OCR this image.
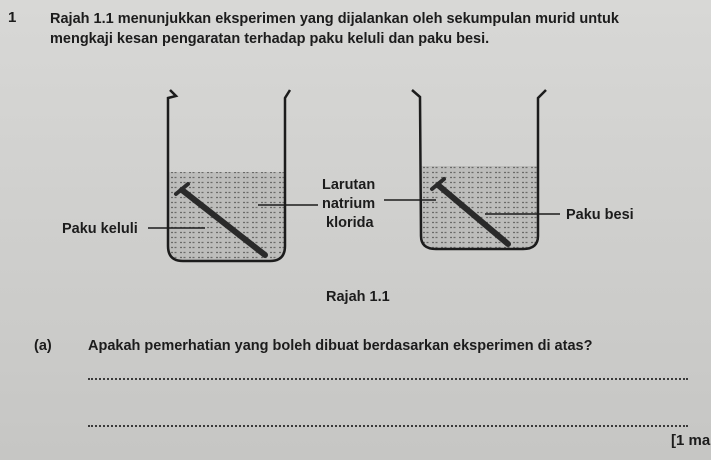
1 Rajah 1.1 menunjukkan eksperimen yang dijalankan oleh sekumpulan murid untuk
mengkaji kesan pengaratan terhadap paku keluli dan paku besi.
Paku keluli
Larutan
natrium
klorida	Paku besi
Rajah 1.1
(a)	Apakah pemerhatian yang boleh dibuat berdasarkan eksperimen di atas?
[1 ma
